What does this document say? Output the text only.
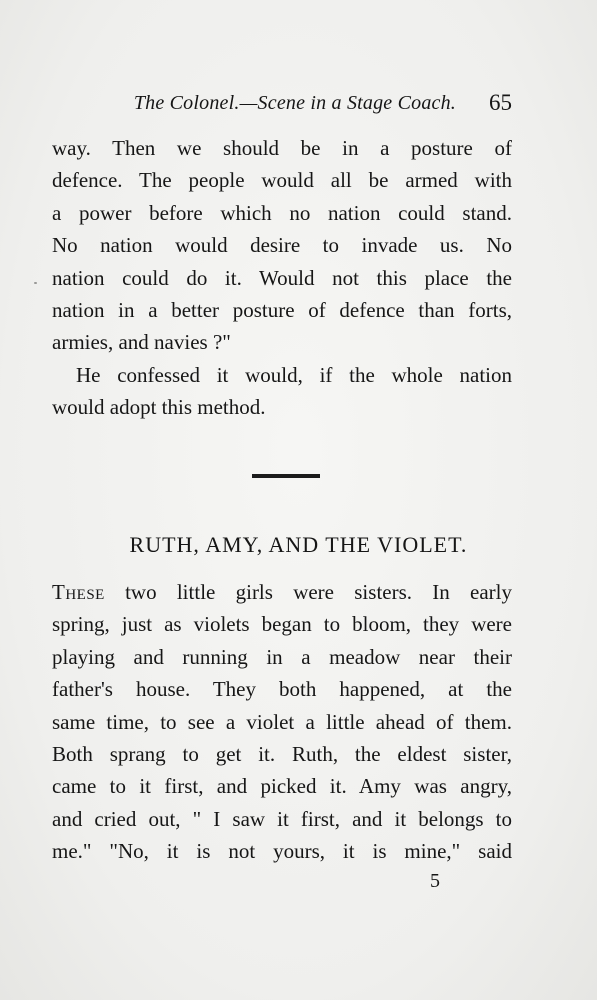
The Colonel.—Scene in a Stage Coach. 65
way. Then we should be in a posture of
defence. The people would all be armed with
a power before which no nation could stand.
No nation would desire to invade us. No
nation could do it. Would not this place the
nation in a better posture of defence than forts,
armies, and navies ?"
He confessed it would, if the whole nation
would adopt this method.
RUTH, AMY, AND THE VIOLET.
These two little girls were sisters. In early
spring, just as violets began to bloom, they were
playing and running in a meadow near their
father's house. They both happened, at the
same time, to see a violet a little ahead of them.
Both sprang to get it. Ruth, the eldest sister,
came to it first, and picked it. Amy was angry,
and cried out, " I saw it first, and it belongs to
me." "No, it is not yours, it is mine," said
5
